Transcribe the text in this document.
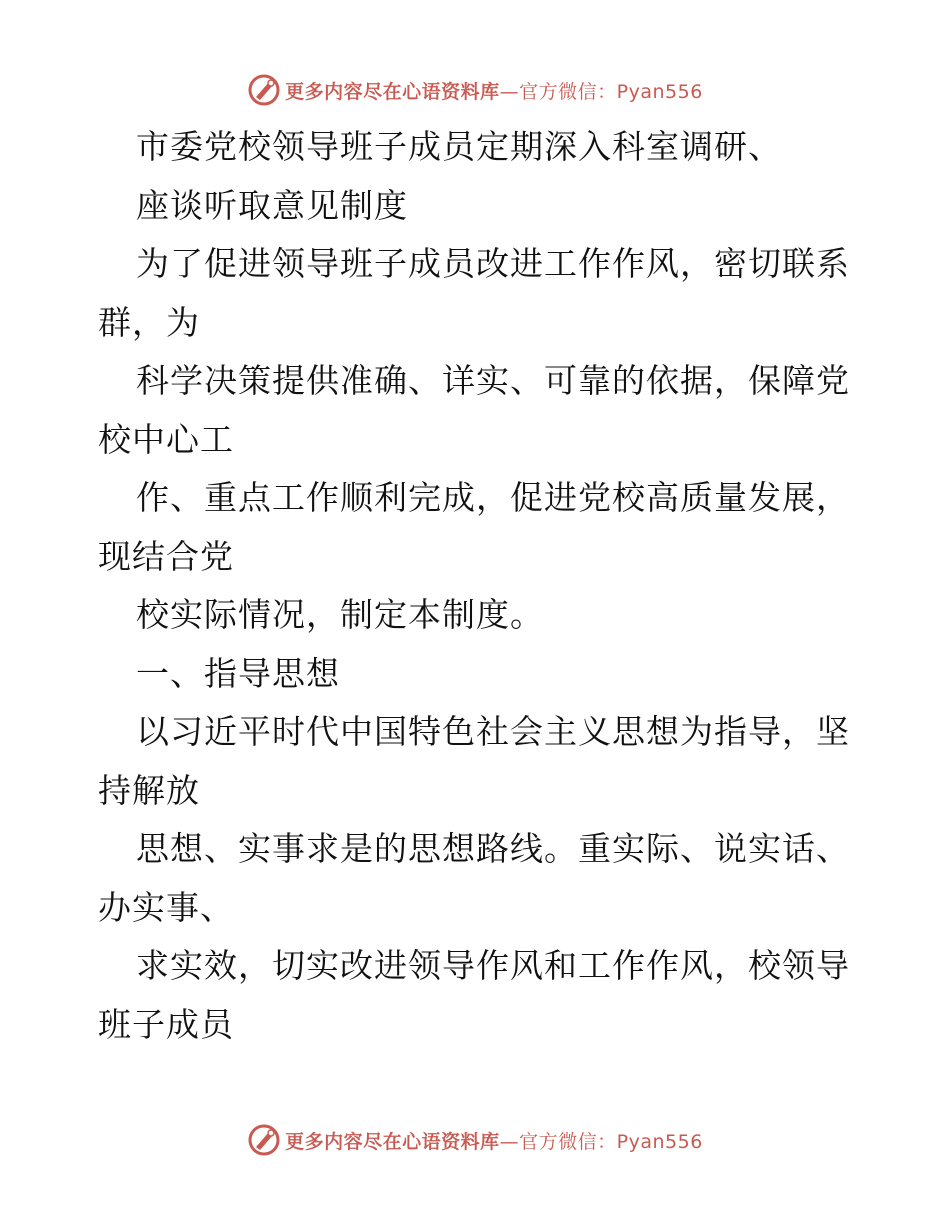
更多内容尽在心语资料库—官方微信：Pyan556
市委党校领导班子成员定期深入科室调研、
座谈听取意见制度
为了促进领导班子成员改进工作作风，密切联系
群，为
科学决策提供准确、详实、可靠的依据，保障党
校中心工
作、重点工作顺利完成，促进党校高质量发展，
现结合党
校实际情况，制定本制度。
一、指导思想
以习近平时代中国特色社会主义思想为指导，坚
持解放
思想、实事求是的思想路线。重实际、说实话、
办实事、
求实效，切实改进领导作风和工作作风，校领导
班子成员
更多内容尽在心语资料库—官方微信：Pyan556
